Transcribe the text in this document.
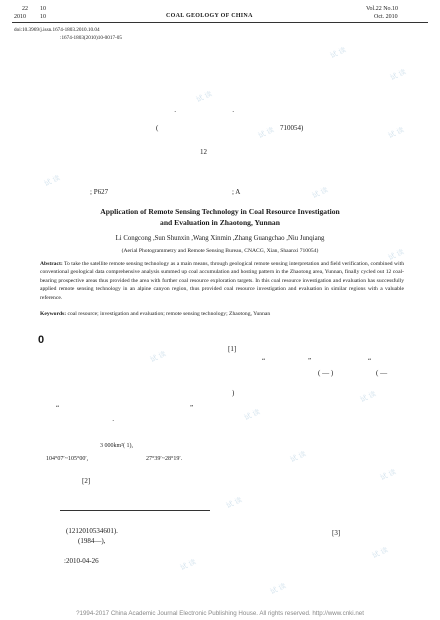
22 10
2010 10	COAL GEOLOGY OF CHINA
Vol.22 No.10
Oct. 2010
doi:10.3969/j.issn.1674-1803.2010.10.04
:1674-1803(2010)10-0017-05
·	·
(	710054)
12
; P627	; A
Application of Remote Sensing Technology in Coal Resource Investigation
and Evaluation in Zhaotong, Yunnan
Li Congcong ,Sun Shunxin ,Wang Xinmin ,Zhang Guangchao ,Niu Junqiang
(Aerial Photogrammetry and Remote Sensing Bureau, CNACG, Xian, Shaanxi 710054)
Abstract: To take the satellite remote sensing technology as a main means, through geological remote sensing interpretation and field verification, combined with conventional geological data comprehensive analysis summed up coal accumulation and hosting pattern in the Zhaotong area, Yunnan, finally cycled out 12 coal-bearing prospective areas thus provided the area with further coal resource exploration targets. In this coal resource investigation and evaluation has successfully applied remote sensing technology in an alpine canyon region, thus provided coal resource investigation and evaluation in similar regions with a valuable reference.
Keywords: coal resource; investigation and evaluation; remote sensing technology; Zhaotong, Yunnan
0
[1]
“	”	“
( — )	( —
)
“	”
·
3 000km²( 1),
104°07′~105°00′,	27°39′~28°19′.
[2]
[3]
(1212010534601).
(1984—),
:2010-04-26
试 读
试 读
试 读
试 读	试 读
试 读
试 读
试 读
试 读
试 读
试 读
试 读
试 读
试 读
试 读
试 读
试 读
?1994-2017 China Academic Journal Electronic Publishing House. All rights reserved. http://www.cnki.net
